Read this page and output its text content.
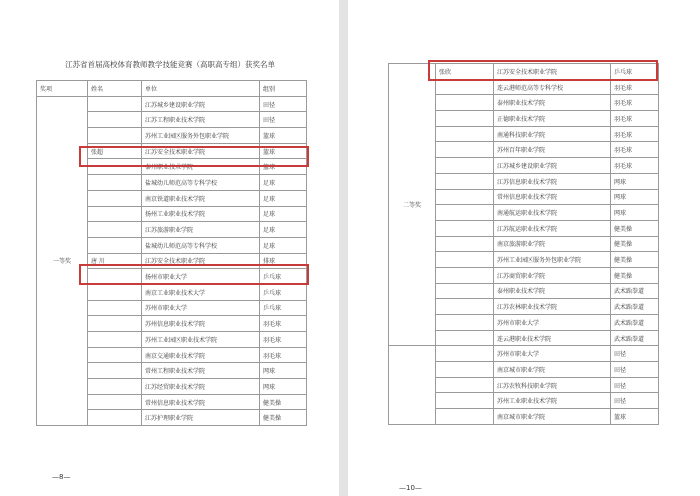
江苏省首届高校体育教师教学技能竞赛（高职高专组）获奖名单
—8—
—10—
奖项	姓名	单位	组别
一等奖		江苏城乡建设职业学院	田径
		江苏工程职业技术学院	田径
		苏州工业园区服务外包职业学院	篮球
	张超	江苏安全技术职业学院	篮球
		泰州职业技术学院	篮球
		盐城幼儿师范高等专科学校	足球
		南京铁道职业技术学院	足球
		扬州工业职业技术学院	足球
		江苏旅游职业学院	足球
		盐城幼儿师范高等专科学校	足球
	唐 川	江苏安全技术职业学院	排球
		扬州市职业大学	乒乓球
		南京工业职业技术大学	乒乓球
		苏州市职业大学	乒乓球
		苏州信息职业技术学院	羽毛球
		苏州工业园区职业技术学院	羽毛球
		南京交通职业技术学院	羽毛球
		常州工程职业技术学院	网球
		江苏经贸职业技术学院	网球
		常州信息职业技术学院	健美操
		江苏护理职业学院	健美操
二等奖	张欣	江苏安全技术职业学院	乒乓球
		连云港师范高等专科学校	羽毛球
		泰州职业技术学院	羽毛球
		正德职业技术学院	羽毛球
		南通科技职业学院	羽毛球
		苏州百年职业学院	羽毛球
		江苏城乡建设职业学院	羽毛球
		江苏信息职业技术学院	网球
		常州信息职业技术学院	网球
		南通航运职业技术学院	网球
		江苏航运职业技术学院	健美操
		南京旅游职业学院	健美操
		苏州工业园区服务外包职业学院	健美操
		江苏商贸职业学院	健美操
		泰州职业技术学院	武术跆拳道
		江苏农林职业技术学院	武术跆拳道
		苏州市职业大学	武术跆拳道
		连云港职业技术学院	武术跆拳道
		苏州市职业大学	田径
		南京城市职业学院	田径
		江苏农牧科技职业学院	田径
		苏州工业职业技术学院	田径
		南京城市职业学院	篮球
